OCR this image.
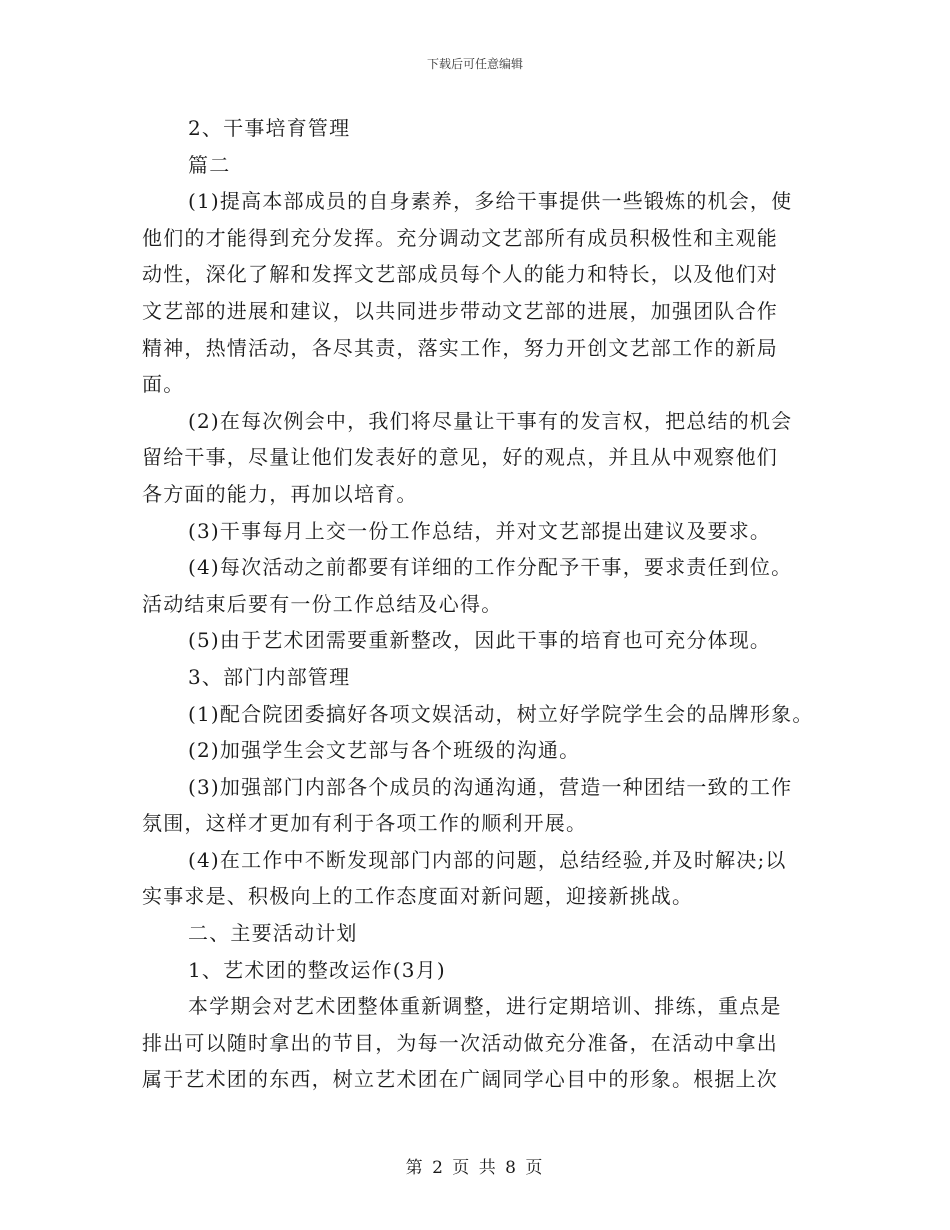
下载后可任意编辑
2、干事培育管理
篇二
(1)提高本部成员的自身素养，多给干事提供一些锻炼的机会，使
他们的才能得到充分发挥。充分调动文艺部所有成员积极性和主观能
动性，深化了解和发挥文艺部成员每个人的能力和特长，以及他们对
文艺部的进展和建议，以共同进步带动文艺部的进展，加强团队合作
精神，热情活动，各尽其责，落实工作，努力开创文艺部工作的新局
面。
(2)在每次例会中，我们将尽量让干事有的发言权，把总结的机会
留给干事，尽量让他们发表好的意见，好的观点，并且从中观察他们
各方面的能力，再加以培育。
(3)干事每月上交一份工作总结，并对文艺部提出建议及要求。
(4)每次活动之前都要有详细的工作分配予干事，要求责任到位。
活动结束后要有一份工作总结及心得。
(5)由于艺术团需要重新整改，因此干事的培育也可充分体现。
3、部门内部管理
(1)配合院团委搞好各项文娱活动，树立好学院学生会的品牌形象。
(2)加强学生会文艺部与各个班级的沟通。
(3)加强部门内部各个成员的沟通沟通，营造一种团结一致的工作
氛围，这样才更加有利于各项工作的顺利开展。
(4)在工作中不断发现部门内部的问题，总结经验,并及时解决;以
实事求是、积极向上的工作态度面对新问题，迎接新挑战。
二、主要活动计划
1、艺术团的整改运作(3月)
本学期会对艺术团整体重新调整，进行定期培训、排练，重点是
排出可以随时拿出的节目，为每一次活动做充分准备，在活动中拿出
属于艺术团的东西，树立艺术团在广阔同学心目中的形象。根据上次
第 2 页 共 8 页
